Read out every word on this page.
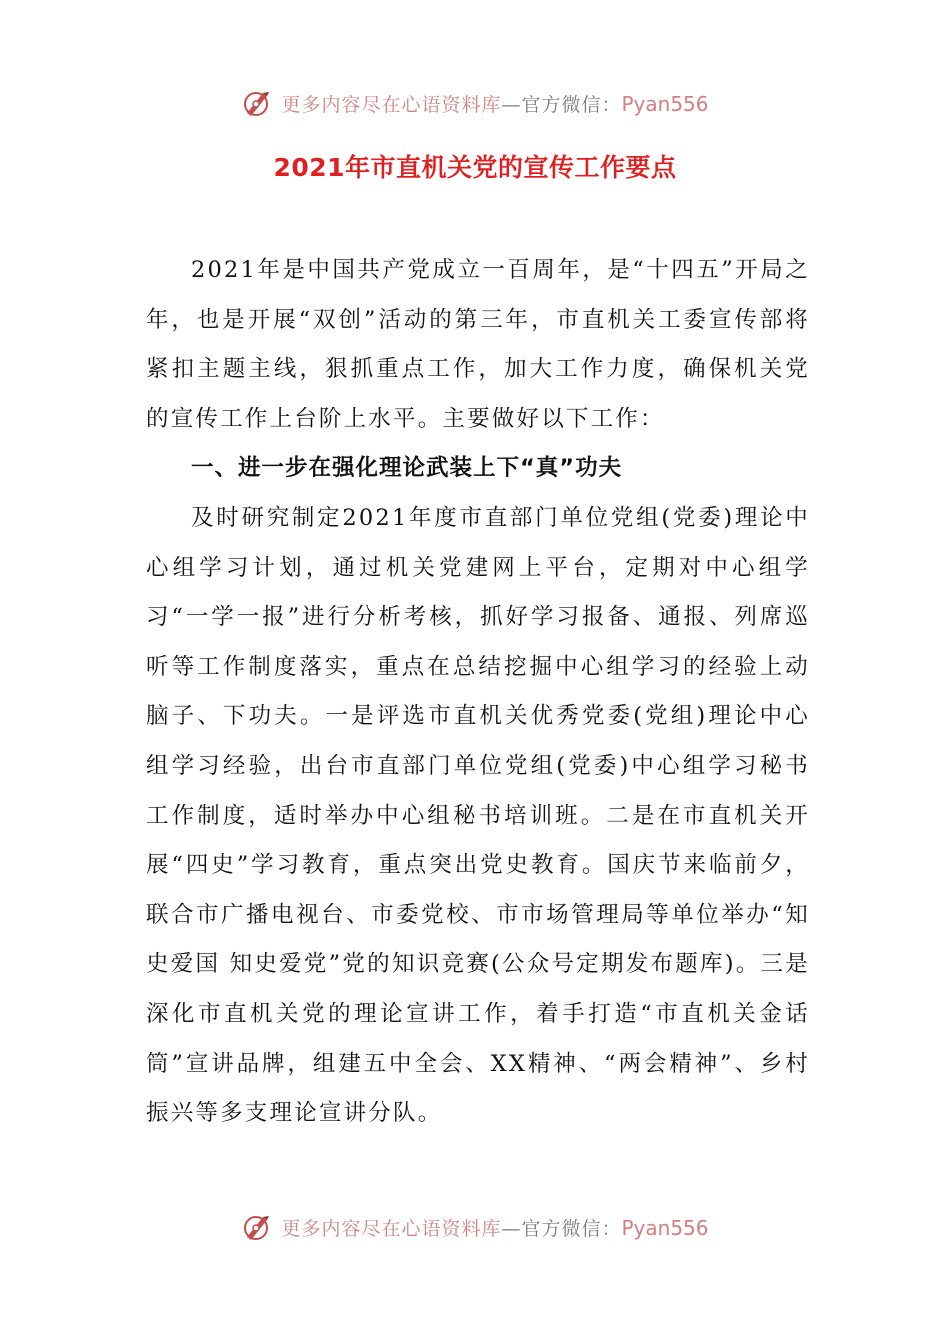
更多内容尽在心语资料库—官方微信：Pyan556
2021年市直机关党的宣传工作要点

2021年是中国共产党成立一百周年，是“十四五”开局之年，也是开展“双创”活动的第三年，市直机关工委宣传部将紧扣主题主线，狠抓重点工作，加大工作力度，确保机关党的宣传工作上台阶上水平。主要做好以下工作：

一、进一步在强化理论武装上下“真”功夫

及时研究制定2021年度市直部门单位党组(党委)理论中心组学习计划，通过机关党建网上平台，定期对中心组学习“一学一报”进行分析考核，抓好学习报备、通报、列席巡听等工作制度落实，重点在总结挖掘中心组学习的经验上动脑子、下功夫。一是评选市直机关优秀党委(党组)理论中心组学习经验，出台市直部门单位党组(党委)中心组学习秘书工作制度，适时举办中心组秘书培训班。二是在市直机关开展“四史”学习教育，重点突出党史教育。国庆节来临前夕，联合市广播电视台、市委党校、市市场管理局等单位举办“知史爱国 知史爱党”党的知识竞赛(公众号定期发布题库)。三是深化市直机关党的理论宣讲工作，着手打造“市直机关金话筒”宣讲品牌，组建五中全会、XX精神、“两会精神”、乡村振兴等多支理论宣讲分队。

更多内容尽在心语资料库—官方微信：Pyan556
